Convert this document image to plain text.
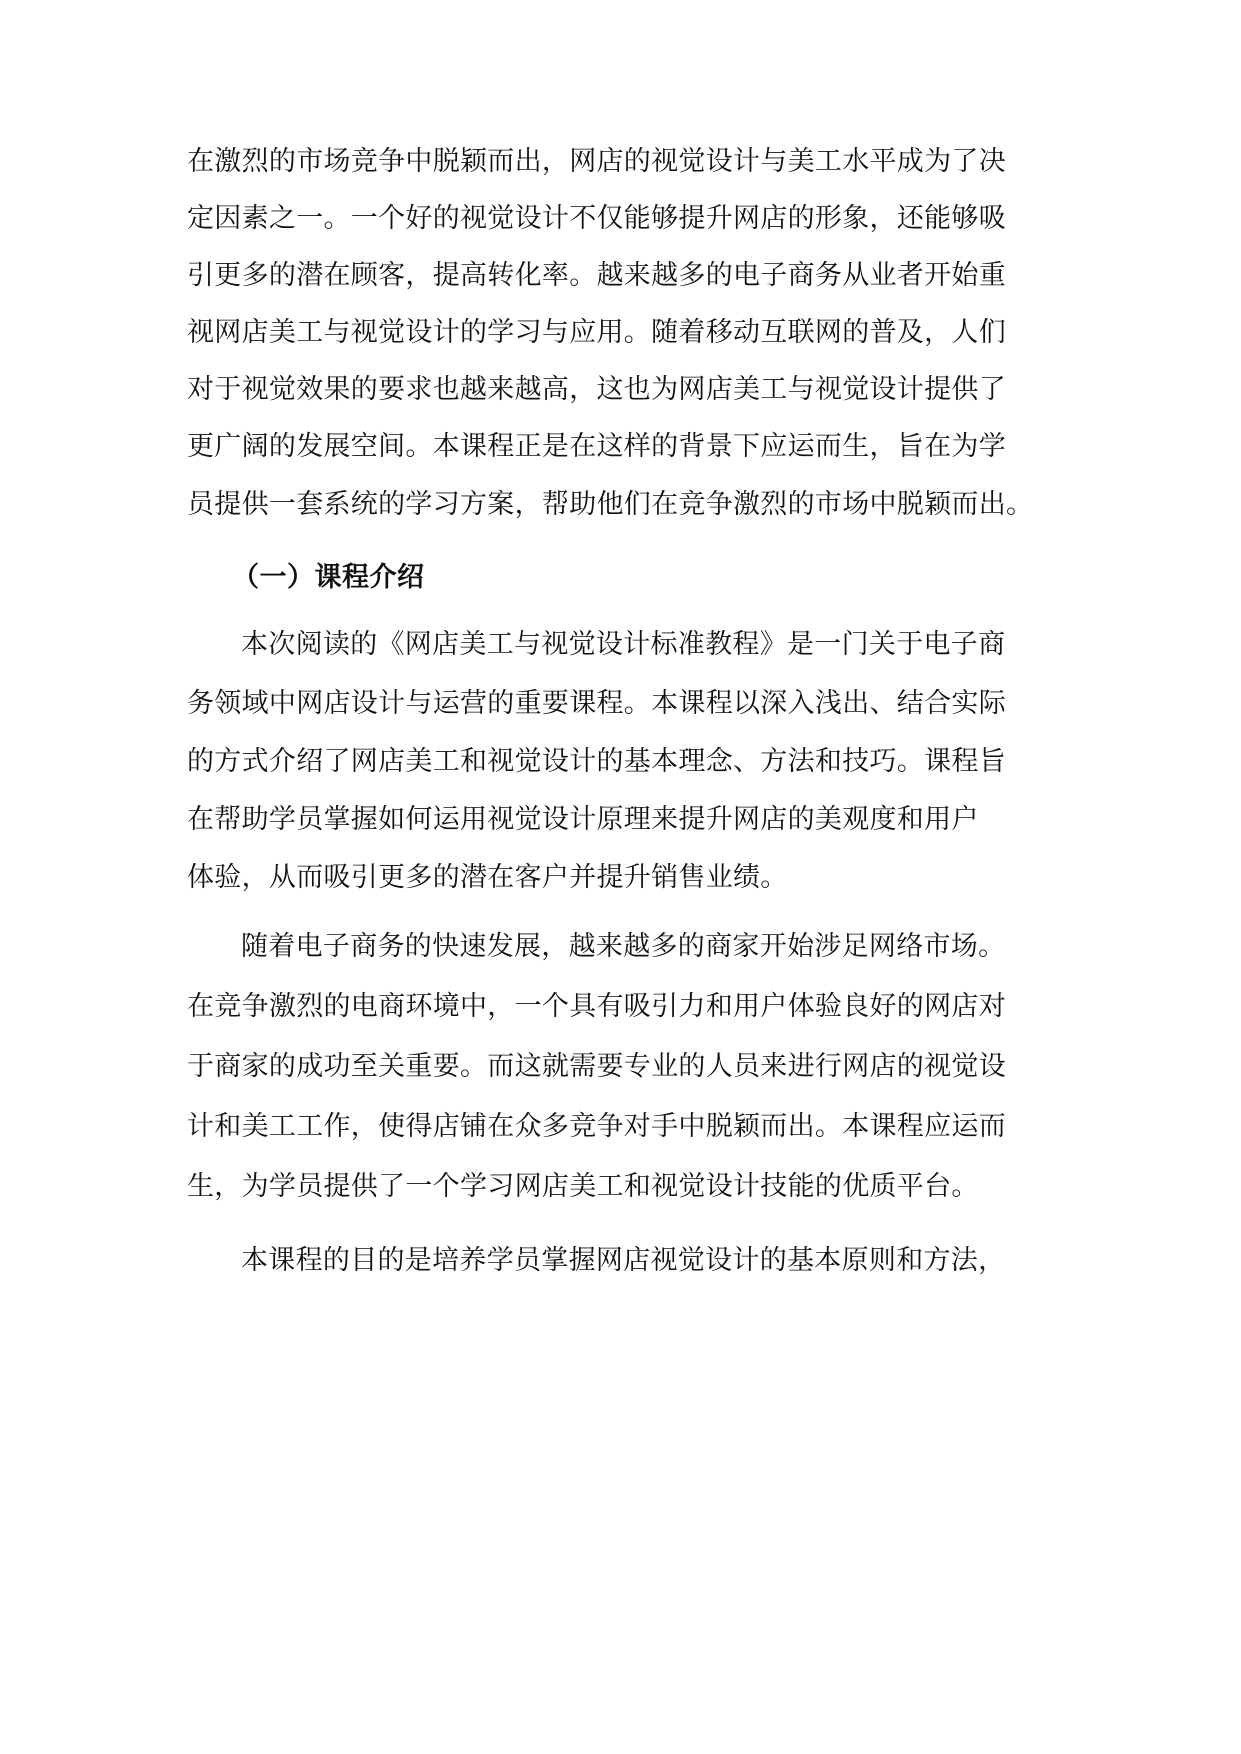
在激烈的市场竞争中脱颖而出，网店的视觉设计与美工水平成为了决
定因素之一。一个好的视觉设计不仅能够提升网店的形象，还能够吸
引更多的潜在顾客，提高转化率。越来越多的电子商务从业者开始重
视网店美工与视觉设计的学习与应用。随着移动互联网的普及，人们
对于视觉效果的要求也越来越高，这也为网店美工与视觉设计提供了
更广阔的发展空间。本课程正是在这样的背景下应运而生，旨在为学
员提供一套系统的学习方案，帮助他们在竞争激烈的市场中脱颖而出。
（一）课程介绍
本次阅读的《网店美工与视觉设计标准教程》是一门关于电子商
务领域中网店设计与运营的重要课程。本课程以深入浅出、结合实际
的方式介绍了网店美工和视觉设计的基本理念、方法和技巧。课程旨
在帮助学员掌握如何运用视觉设计原理来提升网店的美观度和用户
体验，从而吸引更多的潜在客户并提升销售业绩。
随着电子商务的快速发展，越来越多的商家开始涉足网络市场。
在竞争激烈的电商环境中，一个具有吸引力和用户体验良好的网店对
于商家的成功至关重要。而这就需要专业的人员来进行网店的视觉设
计和美工工作，使得店铺在众多竞争对手中脱颖而出。本课程应运而
生，为学员提供了一个学习网店美工和视觉设计技能的优质平台。
本课程的目的是培养学员掌握网店视觉设计的基本原则和方法，
